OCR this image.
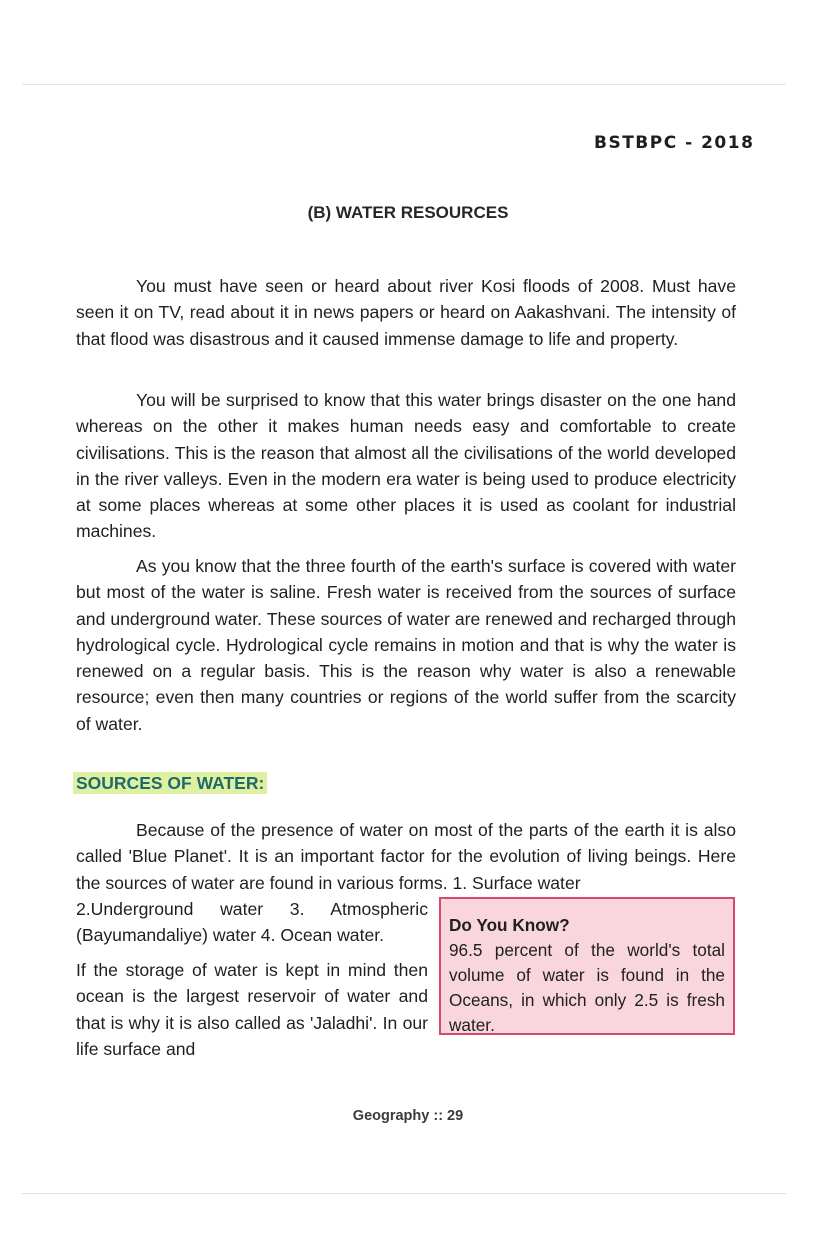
BSTBPC - 2018
(B) WATER RESOURCES

You must have seen or heard about river Kosi floods of 2008. Must have seen it on TV, read about it in news papers or heard on Aakashvani. The intensity of that flood was disastrous and it caused immense damage to life and property.

You will be surprised to know that this water brings disaster on the one hand whereas on the other it makes human needs easy and comfortable to create civilisations. This is the reason that almost all the civilisations of the world developed in the river valleys. Even in the modern era water is being used to produce electricity at some places whereas at some other places it is used as coolant for industrial machines.

As you know that the three fourth of the earth's surface is covered with water but most of the water is saline. Fresh water is received from the sources of surface and underground water. These sources of water are renewed and recharged through hydrological cycle. Hydrological cycle remains in motion and that is why the water is renewed on a regular basis. This is the reason why water is also a renewable resource; even then many countries or regions of the world suffer from the scarcity of water.

SOURCES OF WATER:

Because of the presence of water on most of the parts of the earth it is also called 'Blue Planet'. It is an important factor for the evolution of living beings. Here the sources of water are found in various forms. 1. Surface water

2.Underground water 3. Atmospheric (Bayumandaliye) water 4. Ocean water.

If the storage of water is kept in mind then ocean is the largest reservoir of water and that is why it is also called as 'Jaladhi'. In our life surface and

Do You Know?
96.5 percent of the world's total volume of water is found in the Oceans, in which only 2.5 is fresh water.
Geography :: 29
